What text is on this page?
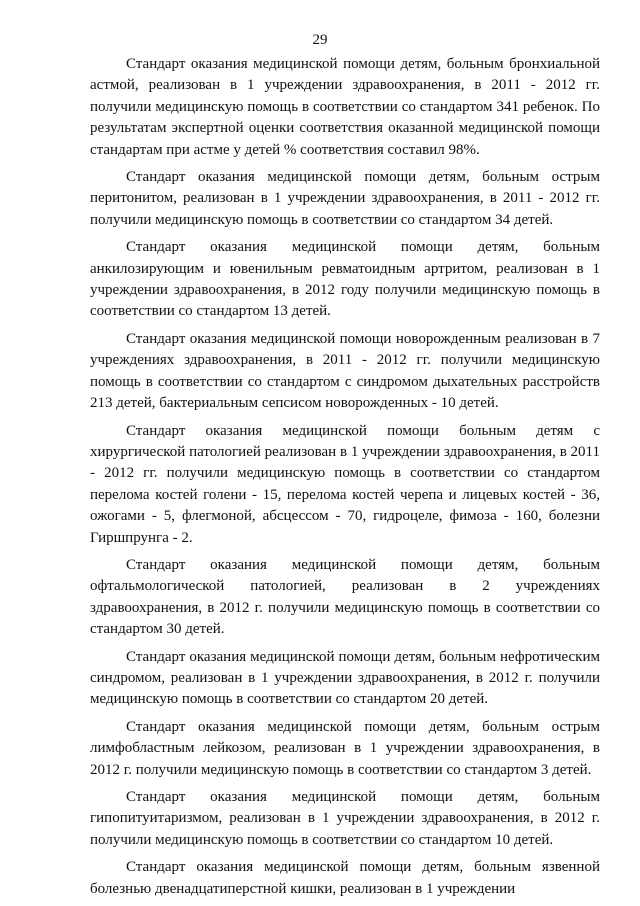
29

Стандарт оказания медицинской помощи детям, больным бронхиальной астмой, реализован в 1 учреждении здравоохранения, в 2011 - 2012 гг. получили медицинскую помощь в соответствии со стандартом 341 ребенок. По результатам экспертной оценки соответствия оказанной медицинской помощи стандартам при астме у детей % соответствия составил 98%.

Стандарт оказания медицинской помощи детям, больным острым перитонитом, реализован в 1 учреждении здравоохранения, в 2011 - 2012 гг. получили медицинскую помощь в соответствии со стандартом 34 детей.

Стандарт оказания медицинской помощи детям, больным анкилозирующим и ювенильным ревматоидным артритом, реализован в 1 учреждении здравоохранения, в 2012 году получили медицинскую помощь в соответствии со стандартом 13 детей.

Стандарт оказания медицинской помощи новорожденным реализован в 7 учреждениях здравоохранения, в 2011 - 2012 гг. получили медицинскую помощь в соответствии со стандартом с синдромом дыхательных расстройств 213 детей, бактериальным сепсисом новорожденных - 10 детей.

Стандарт оказания медицинской помощи больным детям с хирургической патологией реализован в 1 учреждении здравоохранения, в 2011 - 2012 гг. получили медицинскую помощь в соответствии со стандартом перелома костей голени - 15, перелома костей черепа и лицевых костей - 36, ожогами - 5, флегмоной, абсцессом - 70, гидроцеле, фимоза - 160, болезни Гиршпрунга - 2.

Стандарт оказания медицинской помощи детям, больным офтальмологической патологией, реализован в 2 учреждениях здравоохранения, в 2012 г. получили медицинскую помощь в соответствии со стандартом 30 детей.

Стандарт оказания медицинской помощи детям, больным нефротическим синдромом, реализован в 1 учреждении здравоохранения, в 2012 г. получили медицинскую помощь в соответствии со стандартом 20 детей.

Стандарт оказания медицинской помощи детям, больным острым лимфобластным лейкозом, реализован в 1 учреждении здравоохранения, в 2012 г. получили медицинскую помощь в соответствии со стандартом 3 детей.

Стандарт оказания медицинской помощи детям, больным гипопитуитаризмом, реализован в 1 учреждении здравоохранения, в 2012 г. получили медицинскую помощь в соответствии со стандартом 10 детей.

Стандарт оказания медицинской помощи детям, больным язвенной болезнью двенадцатиперстной кишки, реализован в 1 учреждении
